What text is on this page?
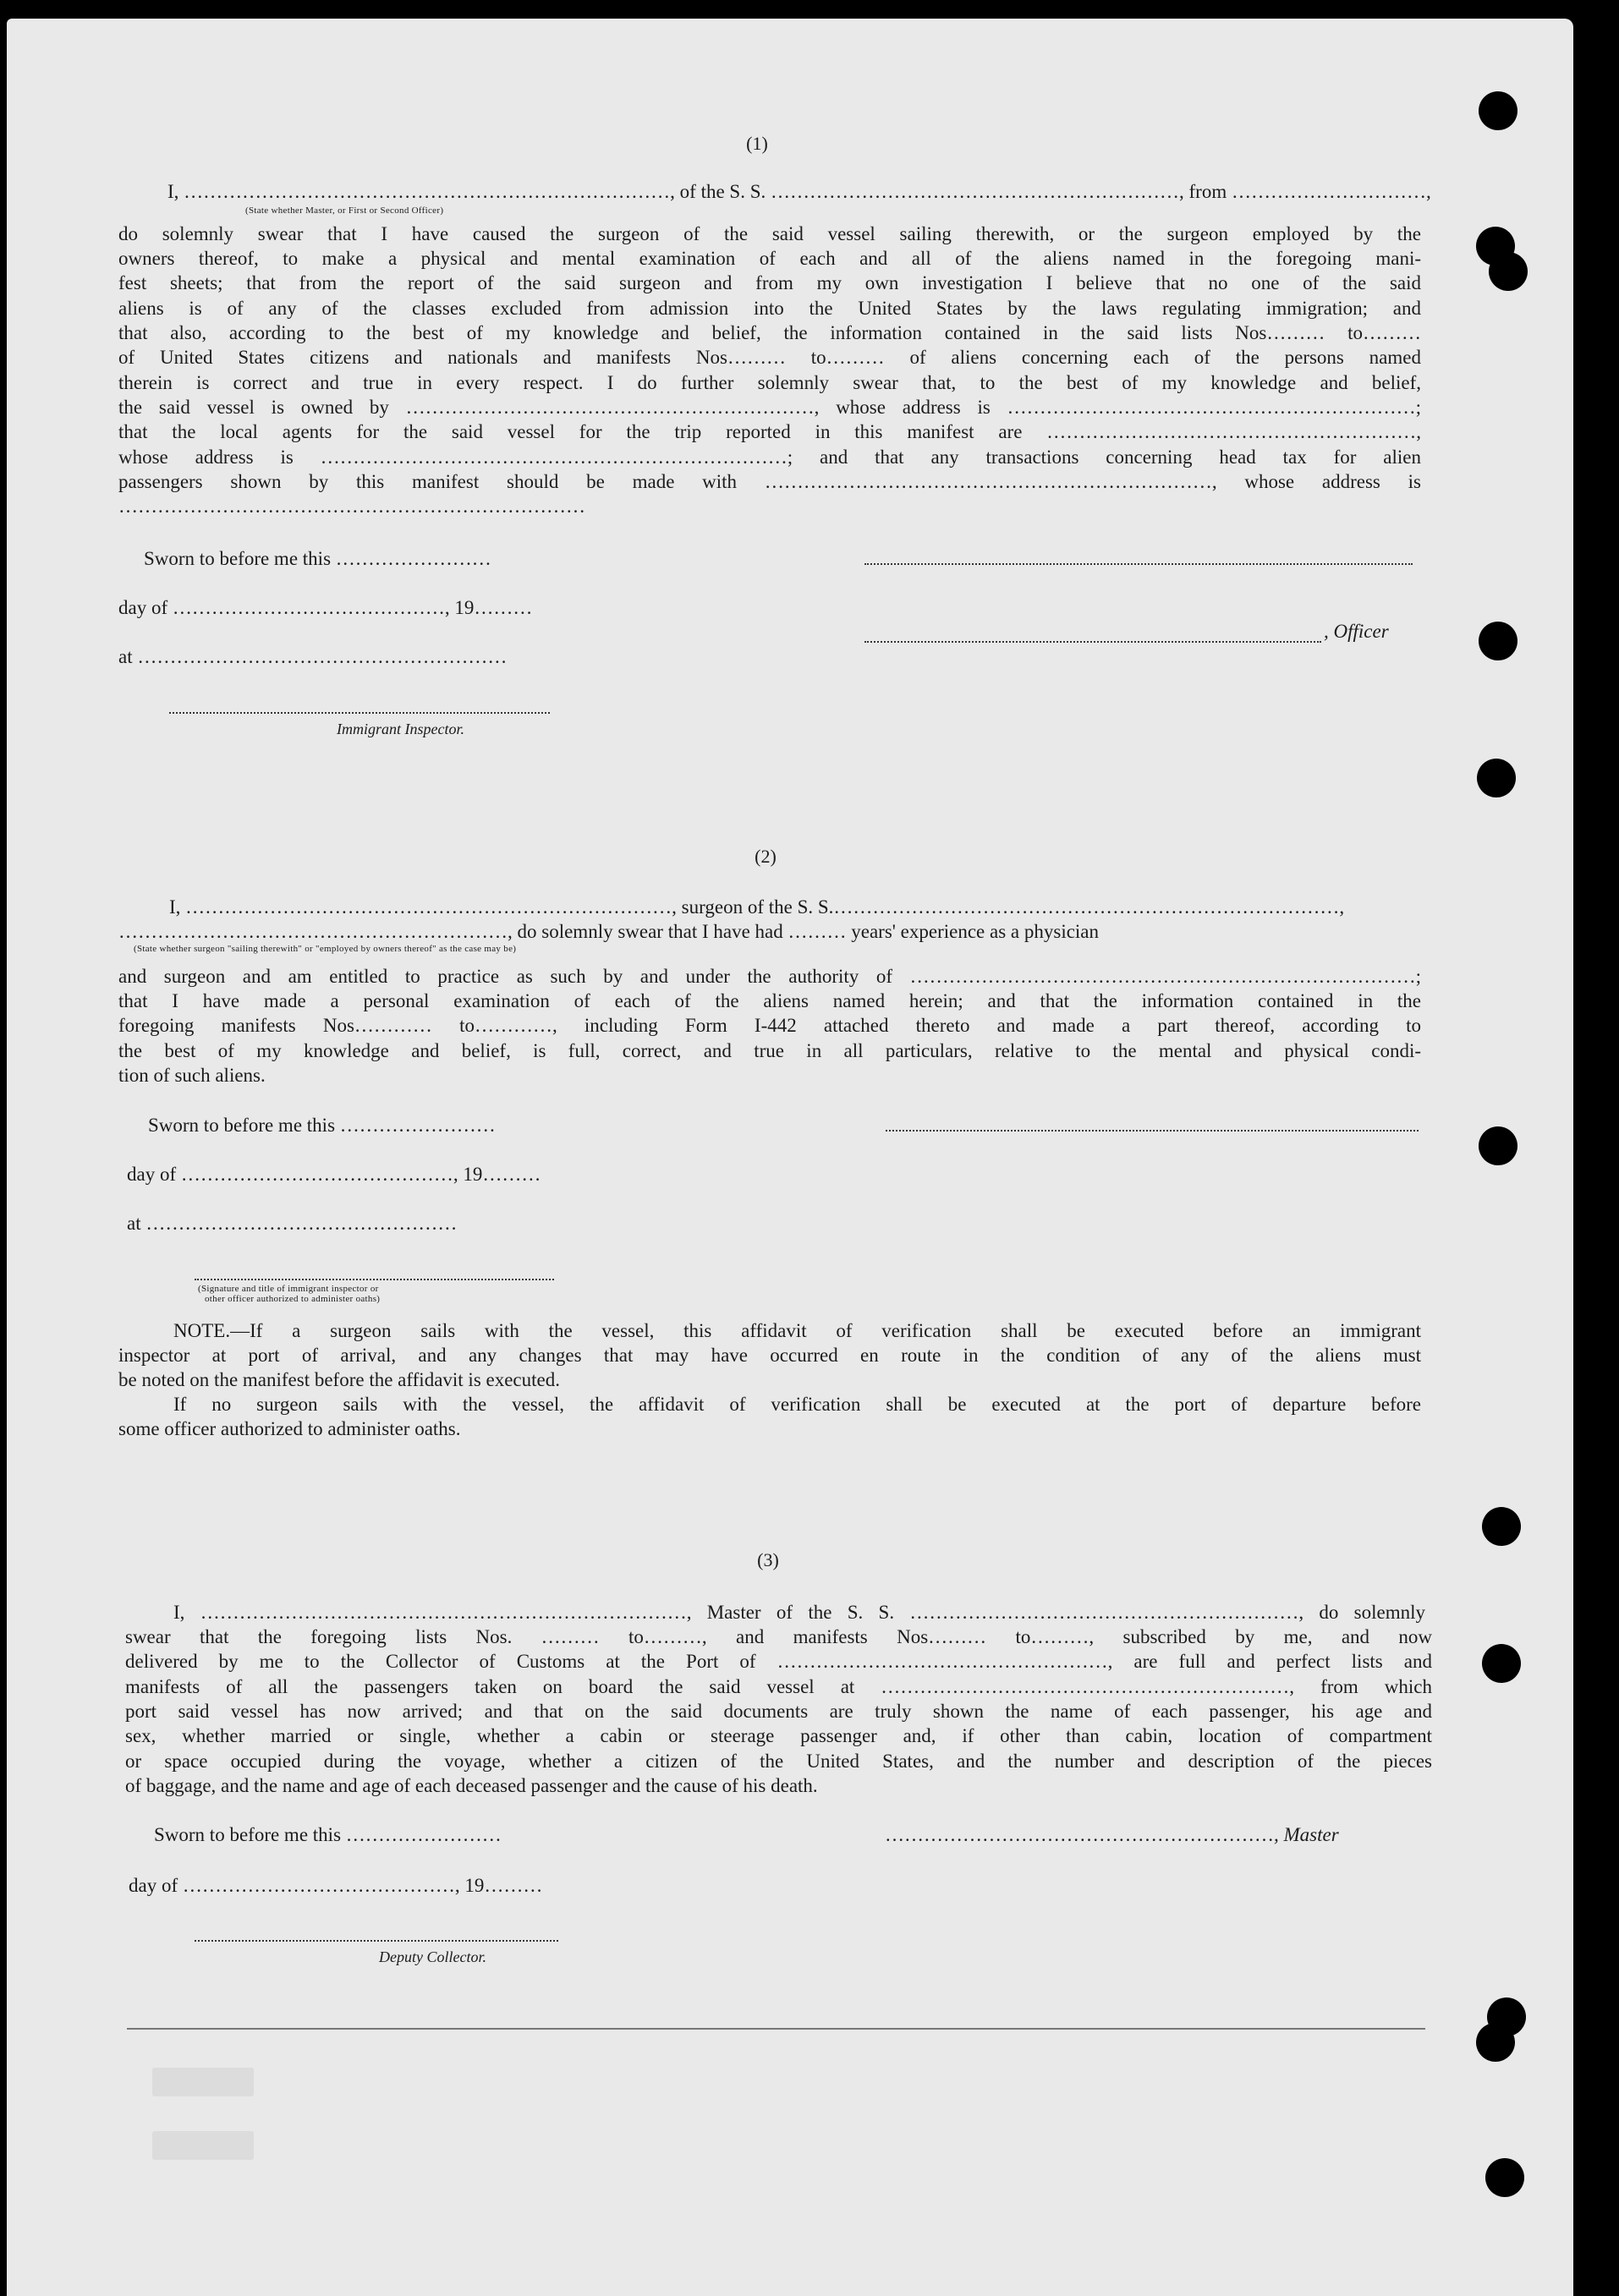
(1)
I, …………………………………………………………………, of the S. S. ………………………………………………………, from …………………………,
(State whether Master, or First or Second Officer)
do solemnly swear that I have caused the surgeon of the said vessel sailing therewith, or the surgeon employed by the
owners thereof, to make a physical and mental examination of each and all of the aliens named in the foregoing mani-
fest sheets; that from the report of the said surgeon and from my own investigation I believe that no one of the said
aliens is of any of the classes excluded from admission into the United States by the laws regulating immigration; and
that also, according to the best of my knowledge and belief, the information contained in the said lists Nos……… to………
of United States citizens and nationals and manifests Nos……… to……… of aliens concerning each of the persons named
therein is correct and true in every respect. I do further solemnly swear that, to the best of my knowledge and belief,
the said vessel is owned by ………………………………………………………, whose address is ………………………………………………………;
that the local agents for the said vessel for the trip reported in this manifest are …………………………………………………,
whose address is ………………………………………………………………; and that any transactions concerning head tax for alien
passengers shown by this manifest should be made with ……………………………………………………………, whose address is
………………………………………………………………
Sworn to before me this ……………………
day of ……………………………………, 19………
, Officer
at …………………………………………………
Immigrant Inspector.
(2)
I, …………………………………………………………………, surgeon of the S. S.……………………………………………………………………,
……………………………………………………, do solemnly swear that I have had ……… years' experience as a physician
(State whether surgeon "sailing therewith" or "employed by owners thereof" as the case may be)
and surgeon and am entitled to practice as such by and under the authority of ……………………………………………………………………;
that I have made a personal examination of each of the aliens named herein; and that the information contained in the
foregoing manifests Nos………… to…………, including Form I-442 attached thereto and made a part thereof, according to
the best of my knowledge and belief, is full, correct, and true in all particulars, relative to the mental and physical condi-
tion of such aliens.
Sworn to before me this ……………………
day of ……………………………………, 19………
at …………………………………………
(Signature and title of immigrant inspector or
other officer authorized to administer oaths)
NOTE.—If a surgeon sails with the vessel, this affidavit of verification shall be executed before an immigrant
inspector at port of arrival, and any changes that may have occurred en route in the condition of any of the aliens must
be noted on the manifest before the affidavit is executed.
If no surgeon sails with the vessel, the affidavit of verification shall be executed at the port of departure before
some officer authorized to administer oaths.
(3)
I, …………………………………………………………………, Master of the S. S. ……………………………………………………, do solemnly
swear that the foregoing lists Nos. ……… to………, and manifests Nos……… to………, subscribed by me, and now
delivered by me to the Collector of Customs at the Port of ……………………………………………, are full and perfect lists and
manifests of all the passengers taken on board the said vessel at ………………………………………………………, from which
port said vessel has now arrived; and that on the said documents are truly shown the name of each passenger, his age and
sex, whether married or single, whether a cabin or steerage passenger and, if other than cabin, location of compartment
or space occupied during the voyage, whether a citizen of the United States, and the number and description of the pieces
of baggage, and the name and age of each deceased passenger and the cause of his death.
Sworn to before me this ……………………	……………………………………………………, Master
day of ……………………………………, 19………
Deputy Collector.
